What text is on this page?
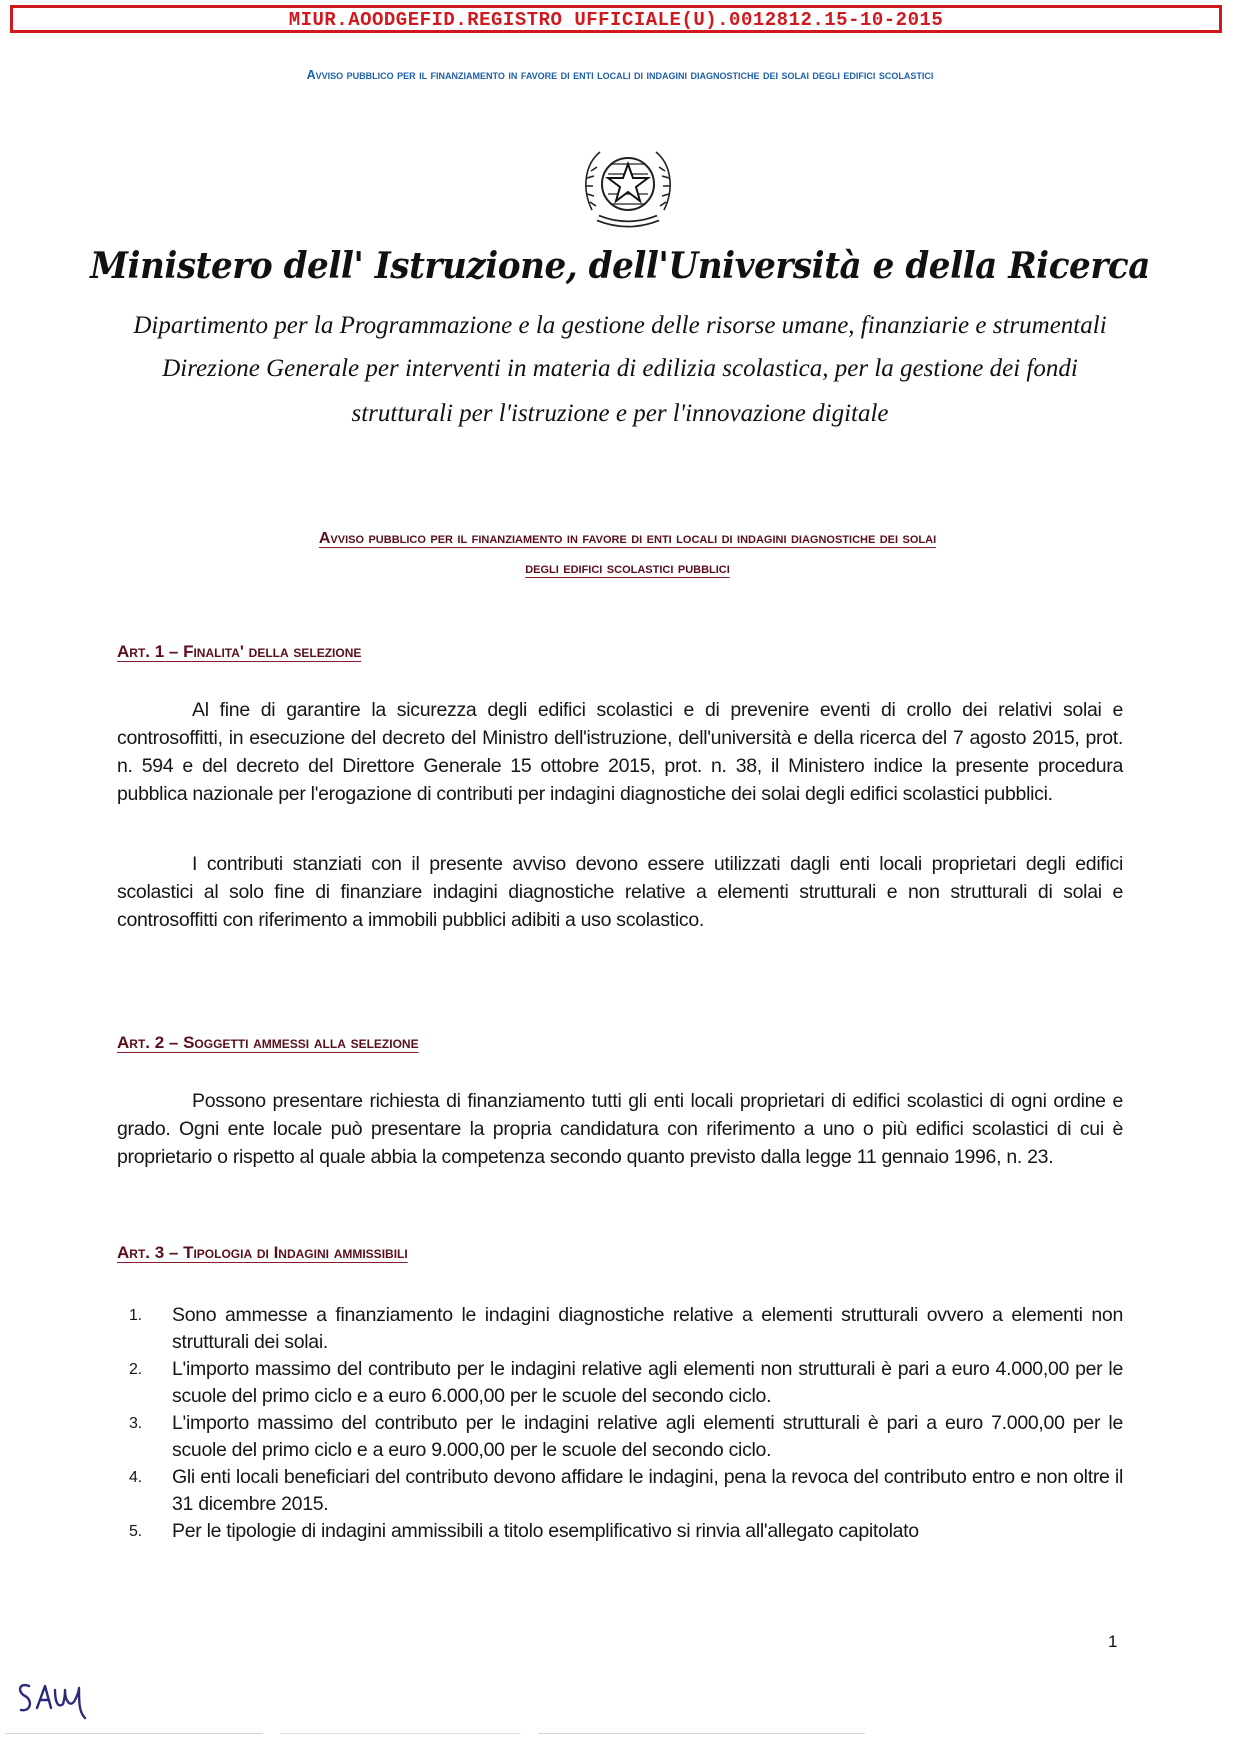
MIUR.AOODGEFID.REGISTRO UFFICIALE(U).0012812.15-10-2015
Avviso pubblico per il finanziamento in favore di enti locali di indagini diagnostiche dei solai degli edifici scolastici
Ministero dell' Istruzione, dell'Università e della Ricerca
Dipartimento per la Programmazione e la gestione delle risorse umane, finanziarie e strumentali
Direzione Generale per interventi in materia di edilizia scolastica, per la gestione dei fondi
strutturali per l'istruzione e per l'innovazione digitale
Avviso pubblico per il finanziamento in favore di enti locali di indagini diagnostiche dei solai
degli edifici scolastici pubblici
Art. 1 – Finalita' della selezione
Al fine di garantire la sicurezza degli edifici scolastici e di prevenire eventi di crollo dei relativi solai e controsoffitti, in esecuzione del decreto del Ministro dell'istruzione, dell'università e della ricerca del 7 agosto 2015, prot. n. 594 e del decreto del Direttore Generale 15 ottobre 2015, prot. n. 38, il Ministero indice la presente procedura pubblica nazionale per l'erogazione di contributi per indagini diagnostiche dei solai degli edifici scolastici pubblici.
I contributi stanziati con il presente avviso devono essere utilizzati dagli enti locali proprietari degli edifici scolastici al solo fine di finanziare indagini diagnostiche relative a elementi strutturali e non strutturali di solai e controsoffitti con riferimento a immobili pubblici adibiti a uso scolastico.
Art. 2 – Soggetti ammessi alla selezione
Possono presentare richiesta di finanziamento tutti gli enti locali proprietari di edifici scolastici di ogni ordine e grado. Ogni ente locale può presentare la propria candidatura con riferimento a uno o più edifici scolastici di cui è proprietario o rispetto al quale abbia la competenza secondo quanto previsto dalla legge 11 gennaio 1996, n. 23.
Art. 3 – Tipologia di Indagini ammissibili
1. Sono ammesse a finanziamento le indagini diagnostiche relative a elementi strutturali ovvero a elementi non strutturali dei solai.
2. L'importo massimo del contributo per le indagini relative agli elementi non strutturali è pari a euro 4.000,00 per le scuole del primo ciclo e a euro 6.000,00 per le scuole del secondo ciclo.
3. L'importo massimo del contributo per le indagini relative agli elementi strutturali è pari a euro 7.000,00 per le scuole del primo ciclo e a euro 9.000,00 per le scuole del secondo ciclo.
4. Gli enti locali beneficiari del contributo devono affidare le indagini, pena la revoca del contributo entro e non oltre il 31 dicembre 2015.
5. Per le tipologie di indagini ammissibili a titolo esemplificativo si rinvia all'allegato capitolato
1
